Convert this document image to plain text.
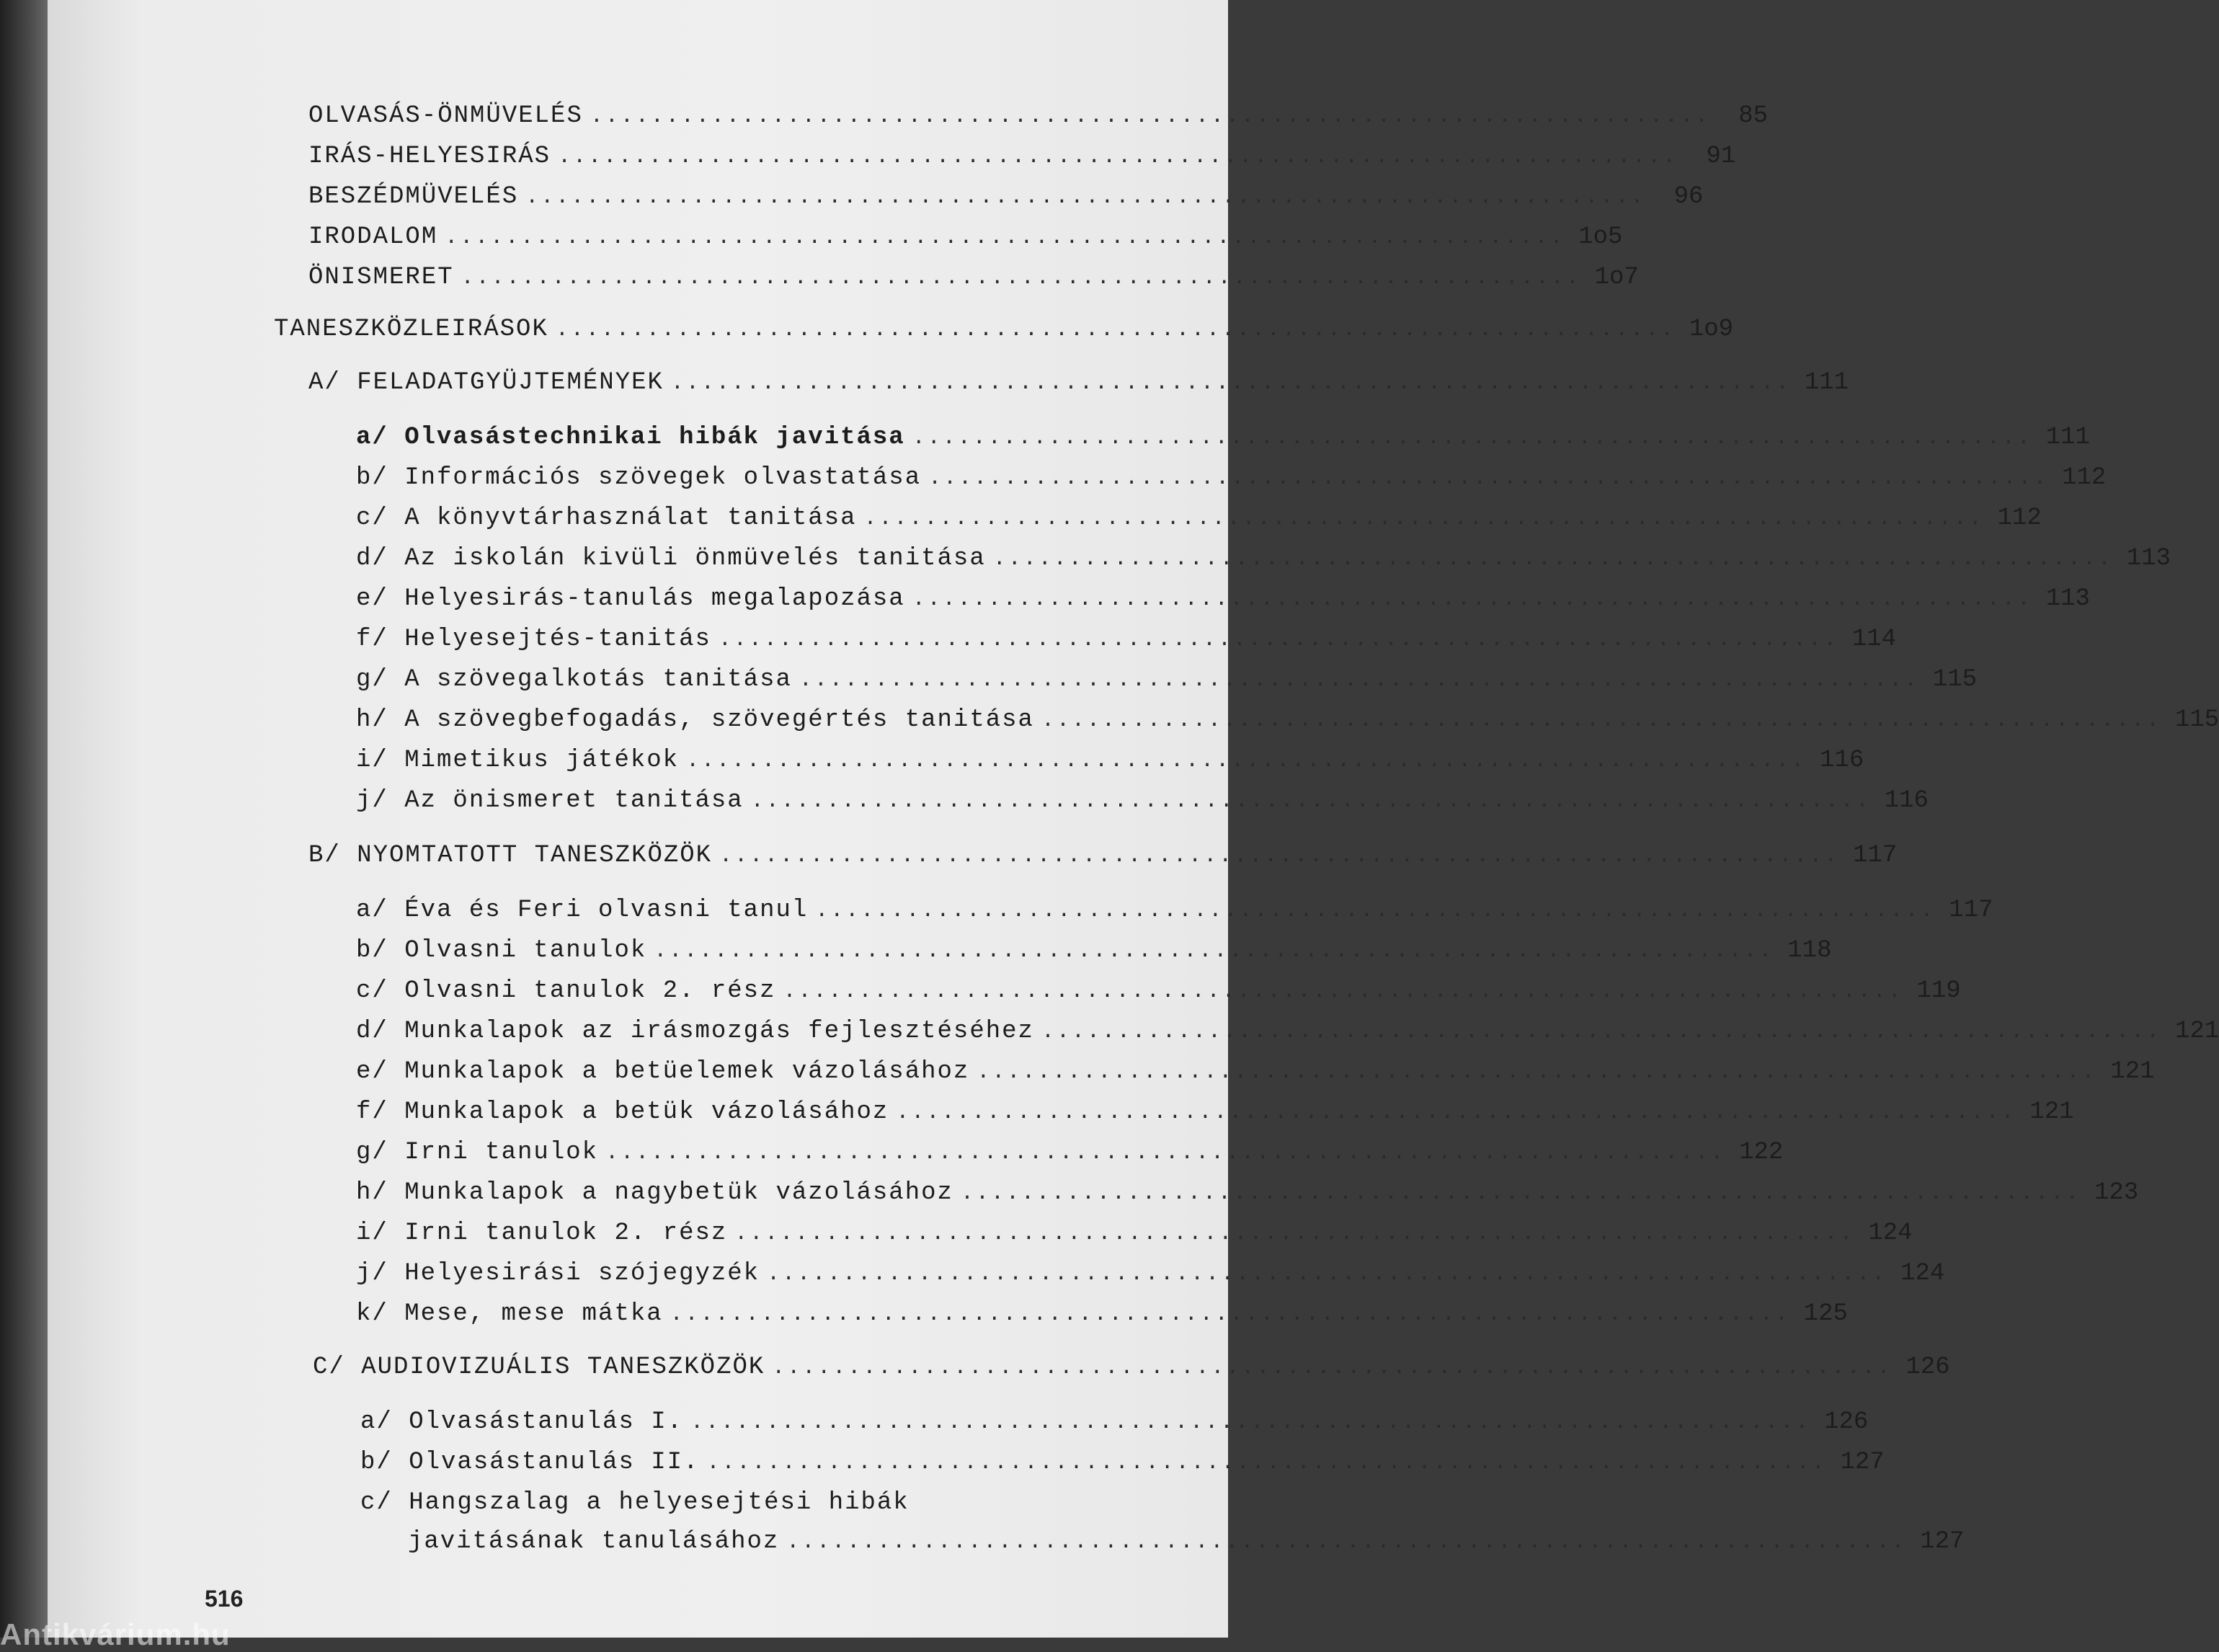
OLVASÁS-ÖNMÜVELÉS ..........................................................................	85
IRÁS-HELYESIRÁS ..........................................................................	91
BESZÉDMÜVELÉS ..........................................................................	96
IRODALOM .......................................................................... 1o5
ÖNISMERET .......................................................................... 1o7
TANESZKÖZLEIRÁSOK .......................................................................... 1o9
A/ FELADATGYÜJTEMÉNYEK .......................................................................... 111
a/ Olvasástechnikai hibák javitása .......................................................................... 111
b/ Információs szövegek olvastatása .......................................................................... 112
c/ A könyvtárhasználat tanitása .......................................................................... 112
d/ Az iskolán kivüli önmüvelés tanitása .......................................................................... 113
e/ Helyesirás-tanulás megalapozása .......................................................................... 113
f/ Helyesejtés-tanitás .......................................................................... 114
g/ A szövegalkotás tanitása .......................................................................... 115
h/ A szövegbefogadás, szövegértés tanitása .......................................................................... 115
i/ Mimetikus játékok .......................................................................... 116
j/ Az önismeret tanitása .......................................................................... 116
B/ NYOMTATOTT TANESZKÖZÖK .......................................................................... 117
a/ Éva és Feri olvasni tanul .......................................................................... 117
b/ Olvasni tanulok .......................................................................... 118
c/ Olvasni tanulok 2. rész .......................................................................... 119
d/ Munkalapok az irásmozgás fejlesztéséhez .......................................................................... 121
e/ Munkalapok a betüelemek vázolásához .......................................................................... 121
f/ Munkalapok a betük vázolásához .......................................................................... 121
g/ Irni tanulok .......................................................................... 122
h/ Munkalapok a nagybetük vázolásához .......................................................................... 123
i/ Irni tanulok 2. rész .......................................................................... 124
j/ Helyesirási szójegyzék .......................................................................... 124
k/ Mese, mese mátka .......................................................................... 125
C/ AUDIOVIZUÁLIS TANESZKÖZÖK .......................................................................... 126
a/ Olvasástanulás I. .......................................................................... 126
b/ Olvasástanulás II. .......................................................................... 127
c/ Hangszalag a helyesejtési hibák
javitásának tanulásához .......................................................................... 127
516
Antikvárium.hu
